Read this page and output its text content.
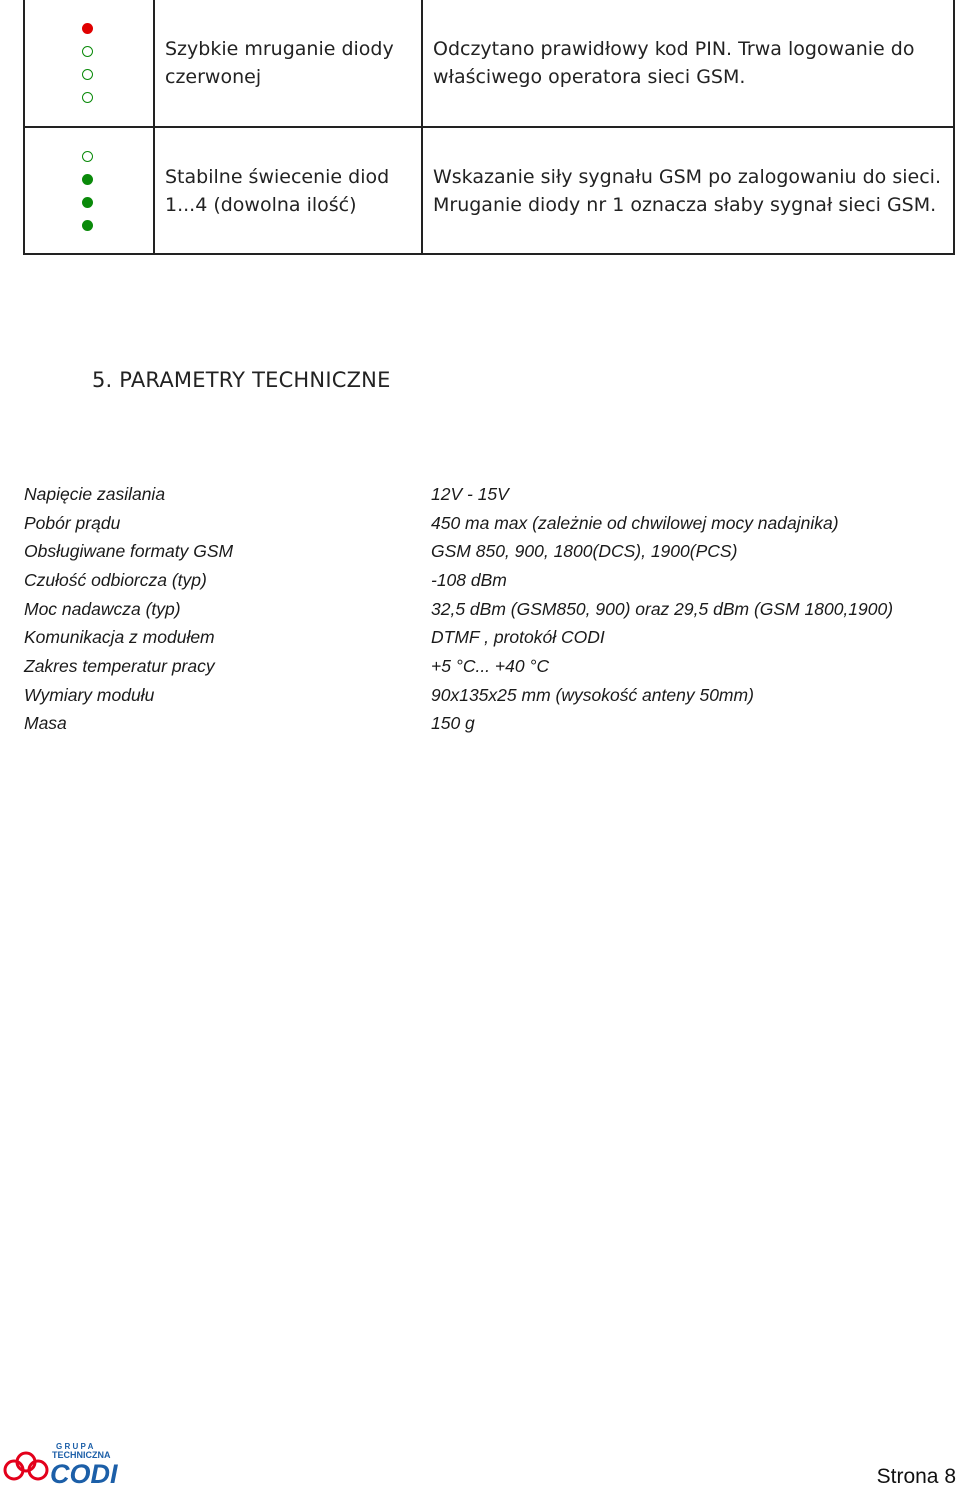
	Szybkie mruganie diody czerwonej	Odczytano prawidłowy kod PIN. Trwa logowanie do właściwego operatora sieci GSM.

	Stabilne świecenie diod 1...4 (dowolna ilość)	Wskazanie siły sygnału GSM po zalogowaniu do sieci. Mruganie diody nr 1 oznacza słaby sygnał sieci GSM.
5. PARAMETRY TECHNICZNE
Napięcie zasilania	12V - 15V
Pobór prądu	450 ma max (zależnie od chwilowej mocy nadajnika)
Obsługiwane formaty GSM	GSM 850, 900, 1800(DCS), 1900(PCS)
Czułość odbiorcza (typ)	-108 dBm
Moc nadawcza (typ)	32,5 dBm (GSM850, 900) oraz 29,5 dBm (GSM 1800,1900)
Komunikacja z modułem	DTMF , protokół CODI
Zakres temperatur pracy	+5 °C... +40 °C
Wymiary modułu	90x135x25 mm (wysokość anteny 50mm)
Masa	150 g
G R U P A
TECHNICZNA
CODI	Strona 8
